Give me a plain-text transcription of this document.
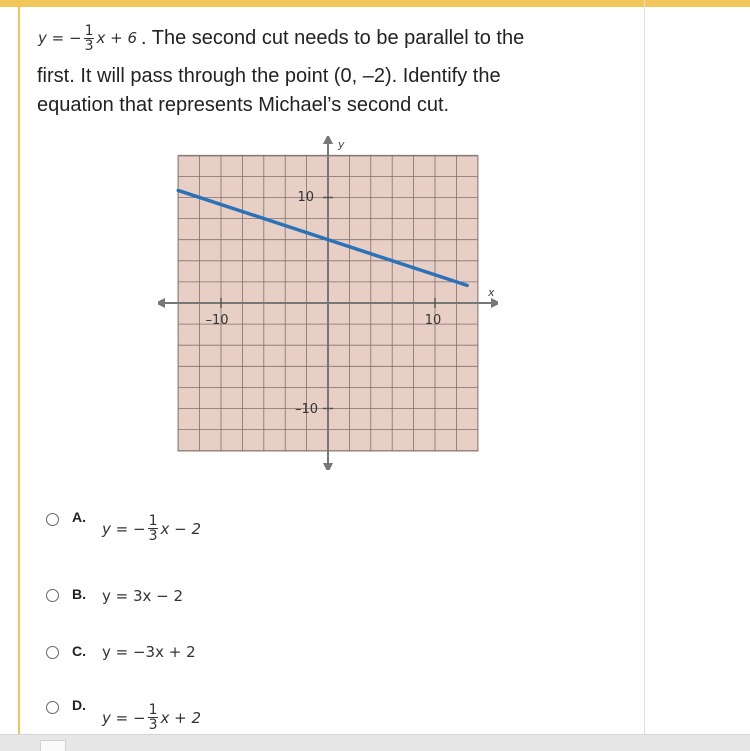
y = − $\frac{1}{3}$ x + 6 . The second cut needs to be parallel to the
first. It will pass through the point (0, –2). Identify the
equation that represents Michael’s second cut.
x
y
10
–10
10
–10
A.
y = − $\frac{1}{3}$ x − 2
B. y = 3x − 2
C. y = −3x + 2
D.
y = − $\frac{1}{3}$ x + 2
